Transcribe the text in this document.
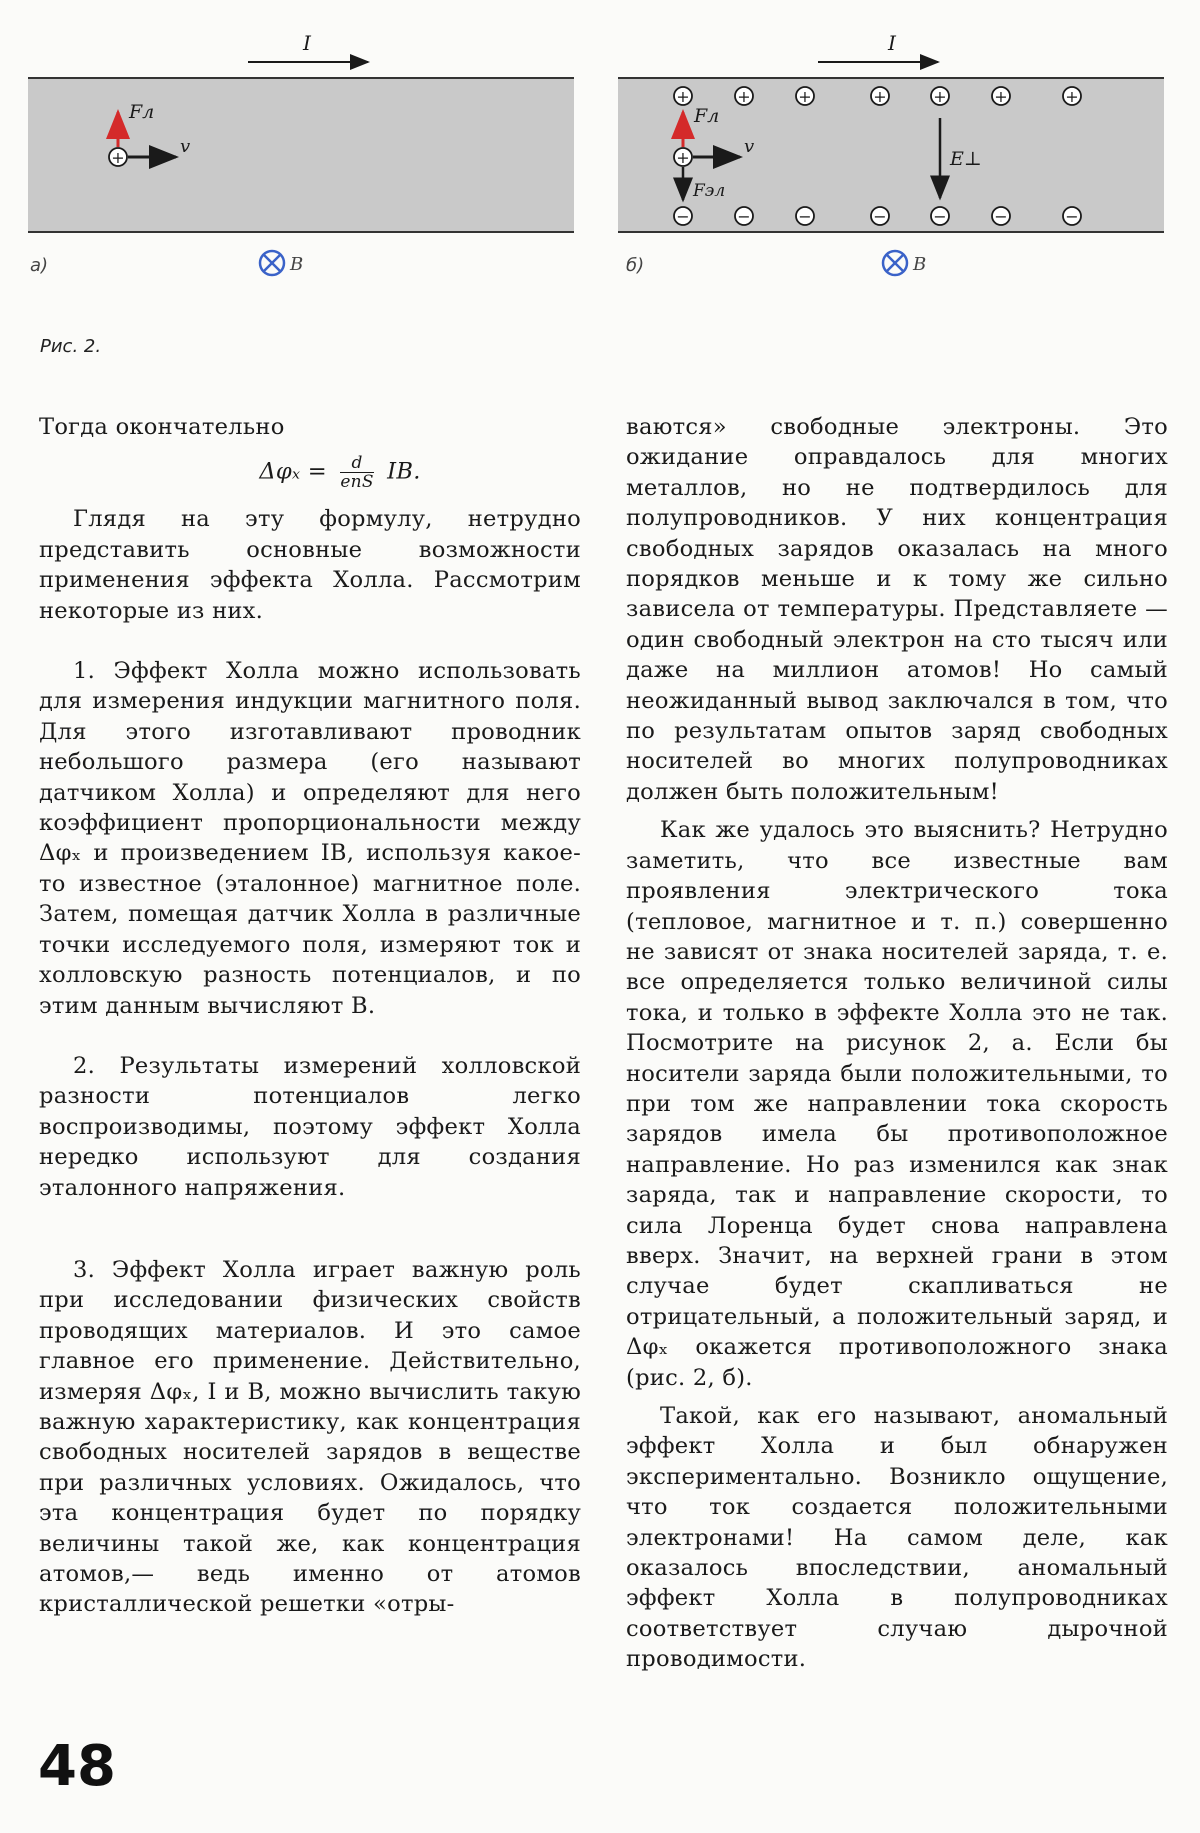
I
+
Fл
v
B
а)
I
+	+	+	+	+	+	+
−	−	−	−	−	−	−
+
Fл
v
Fэл
E⊥
B
б)
Рис. 2.

Тогда окончательно

$\Delta\varphi_x = \frac{d}{\text{enS}}$ IB.

Глядя на эту формулу, нетрудно представить основные возможности применения эффекта Холла. Рассмотрим некоторые из них.

1. Эффект Холла можно использовать для измерения индукции магнитного поля. Для этого изготавливают проводник небольшого размера (его называют датчиком Холла) и определяют для него коэффициент пропорциональности между Δφₓ и произведением IB, используя какое-то известное (эталонное) магнитное поле. Затем, помещая датчик Холла в различные точки исследуемого поля, измеряют ток и холловскую разность потенциалов, и по этим данным вычисляют B.

2. Результаты измерений холловской разности потенциалов легко воспроизводимы, поэтому эффект Холла нередко используют для создания эталонного напряжения.

3. Эффект Холла играет важную роль при исследовании физических свойств проводящих материалов. И это самое главное его применение. Действительно, измеряя Δφₓ, I и B, можно вычислить такую важную характеристику, как концентрация свободных носителей зарядов в веществе при различных условиях. Ожидалось, что эта концентрация будет по порядку величины такой же, как концентрация атомов,— ведь именно от атомов кристаллической решетки «отры-

ваются» свободные электроны. Это ожидание оправдалось для многих металлов, но не подтвердилось для полупроводников. У них концентрация свободных зарядов оказалась на много порядков меньше и к тому же сильно зависела от температуры. Представляете — один свободный электрон на сто тысяч или даже на миллион атомов! Но самый неожиданный вывод заключался в том, что по результатам опытов заряд свободных носителей во многих полупроводниках должен быть положительным!

Как же удалось это выяснить? Нетрудно заметить, что все известные вам проявления электрического тока (тепловое, магнитное и т. п.) совершенно не зависят от знака носителей заряда, т. е. все определяется только величиной силы тока, и только в эффекте Холла это не так. Посмотрите на рисунок 2, а. Если бы носители заряда были положительными, то при том же направлении тока скорость зарядов имела бы противоположное направление. Но раз изменился как знак заряда, так и направление скорости, то сила Лоренца будет снова направлена вверх. Значит, на верхней грани в этом случае будет скапливаться не отрицательный, а положительный заряд, и Δφₓ окажется противоположного знака (рис. 2, б).

Такой, как его называют, аномальный эффект Холла и был обнаружен экспериментально. Возникло ощущение, что ток создается положительными электронами! На самом деле, как оказалось впоследствии, аномальный эффект Холла в полупроводниках соответствует случаю дырочной проводимости.

48
